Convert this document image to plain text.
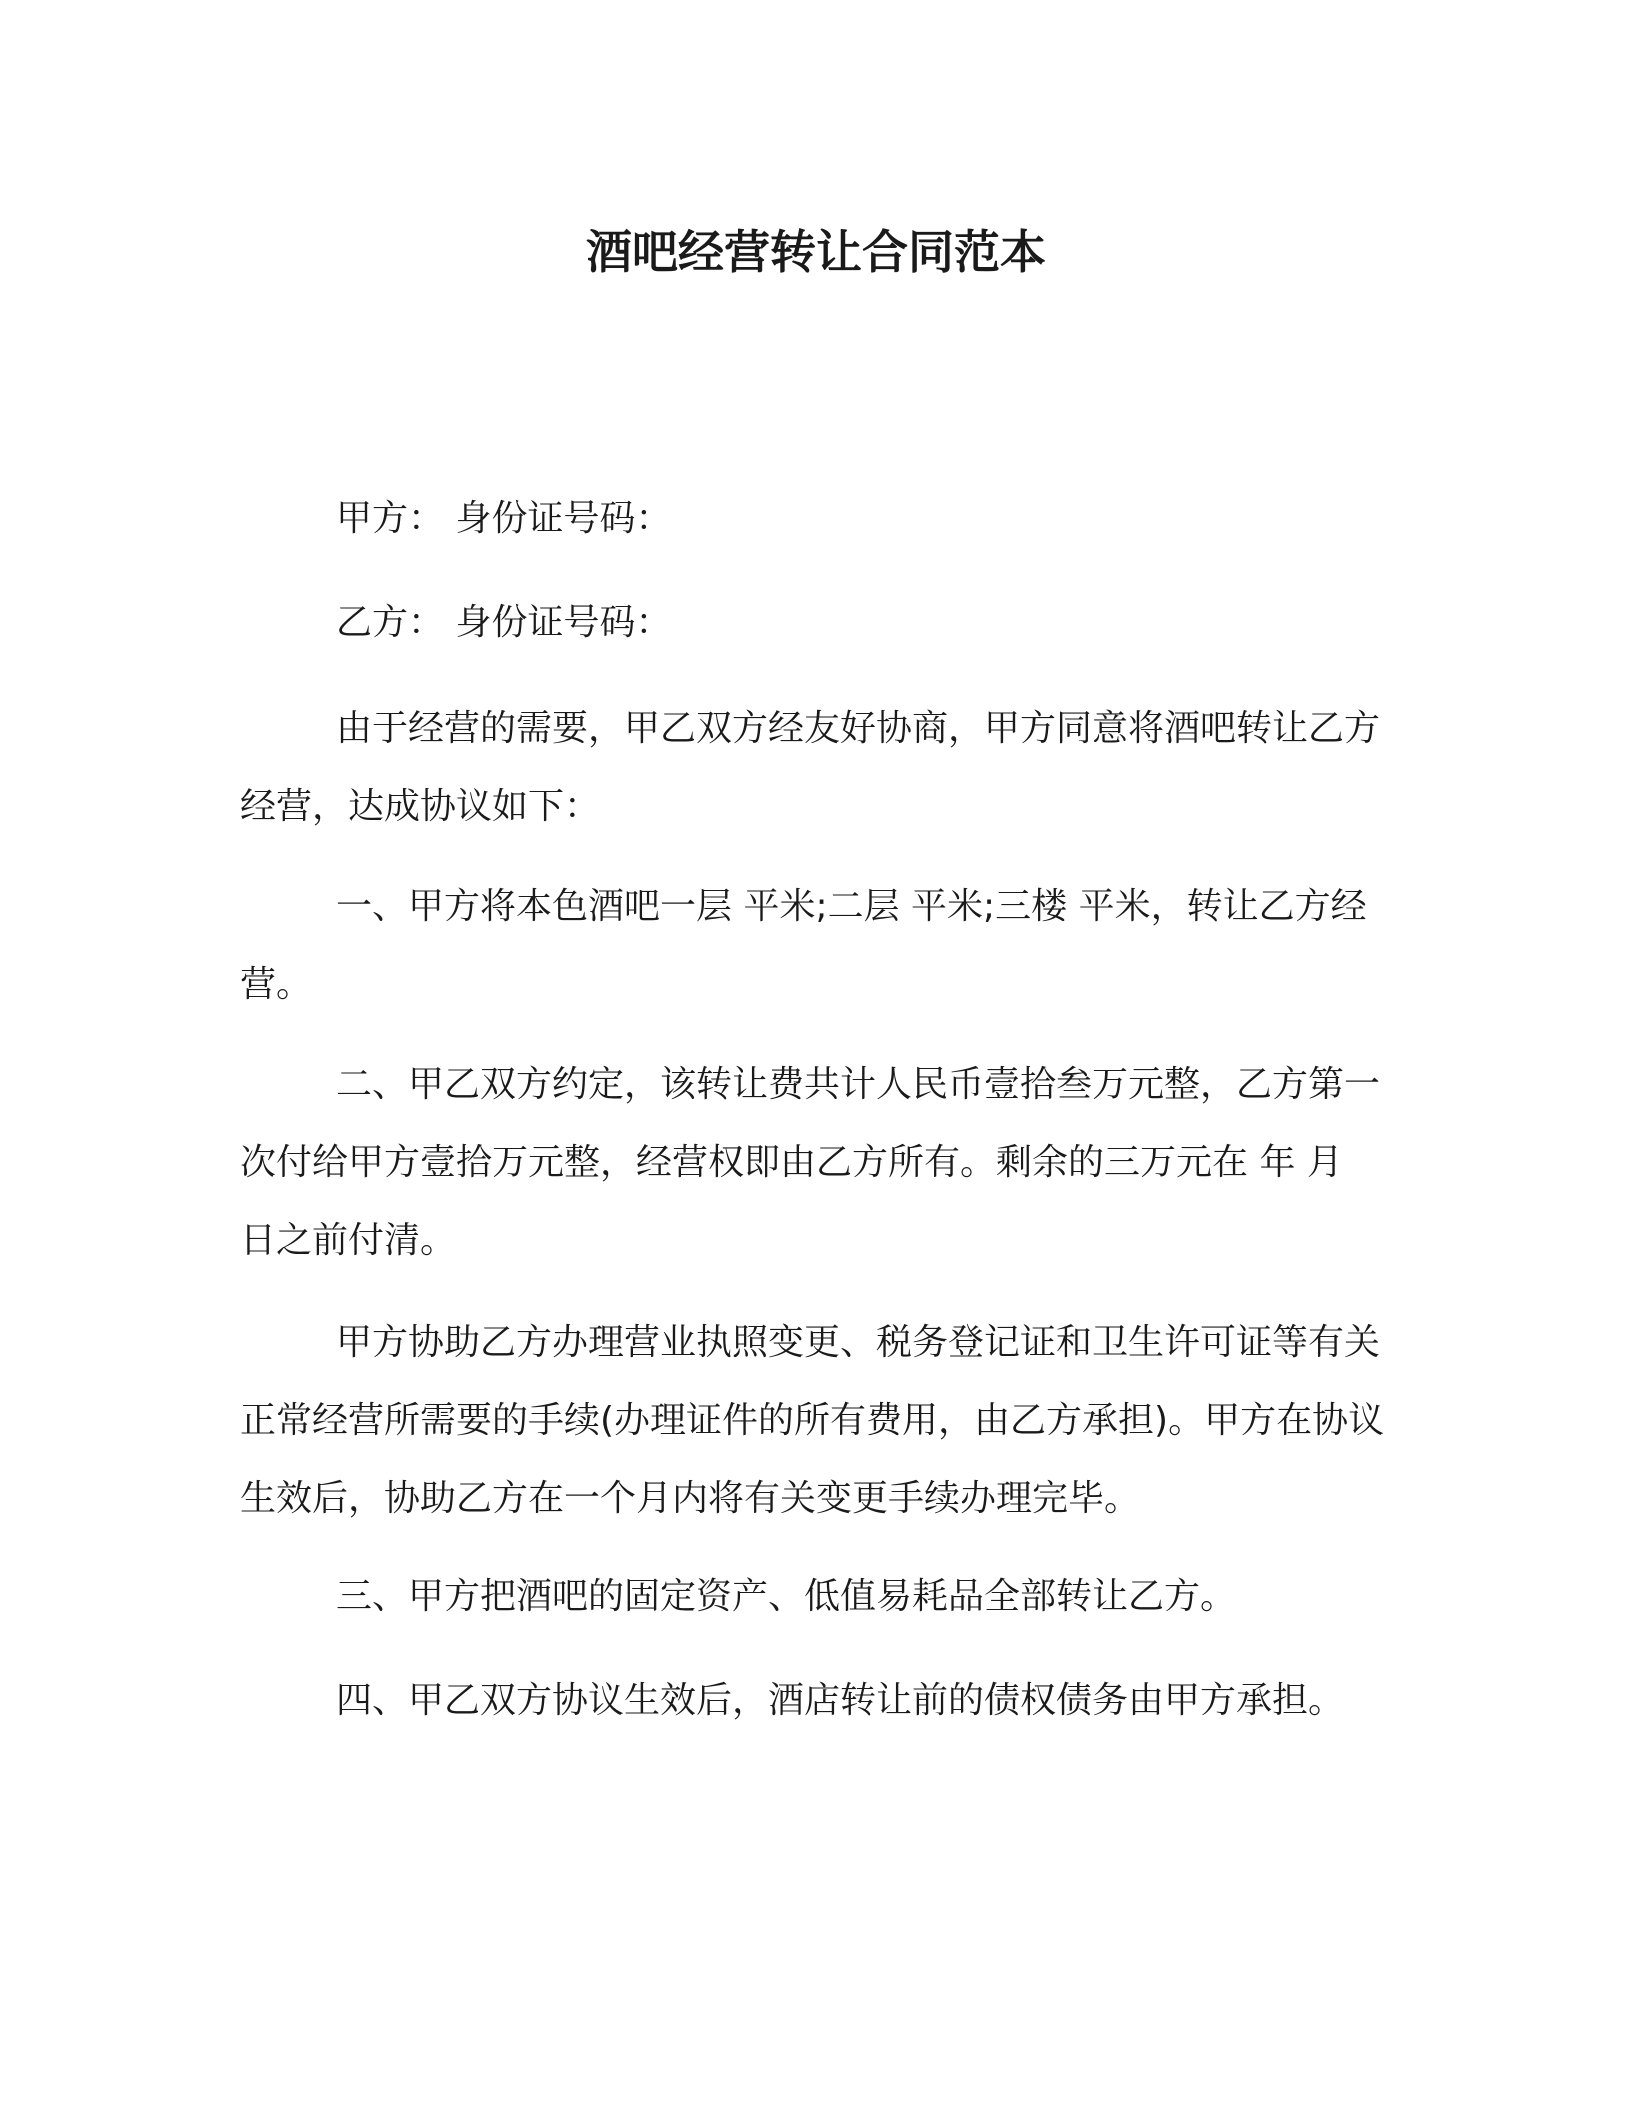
酒吧经营转让合同范本

甲方： 身份证号码：

乙方： 身份证号码：

由于经营的需要，甲乙双方经友好协商，甲方同意将酒吧转让乙方经营，达成协议如下：

一、甲方将本色酒吧一层 平米;二层 平米;三楼 平米，转让乙方经营。

二、甲乙双方约定，该转让费共计人民币壹拾叁万元整，乙方第一次付给甲方壹拾万元整，经营权即由乙方所有。剩余的三万元在 年 月 日之前付清。

甲方协助乙方办理营业执照变更、税务登记证和卫生许可证等有关正常经营所需要的手续(办理证件的所有费用，由乙方承担)。甲方在协议生效后，协助乙方在一个月内将有关变更手续办理完毕。

三、甲方把酒吧的固定资产、低值易耗品全部转让乙方。

四、甲乙双方协议生效后，酒店转让前的债权债务由甲方承担。
